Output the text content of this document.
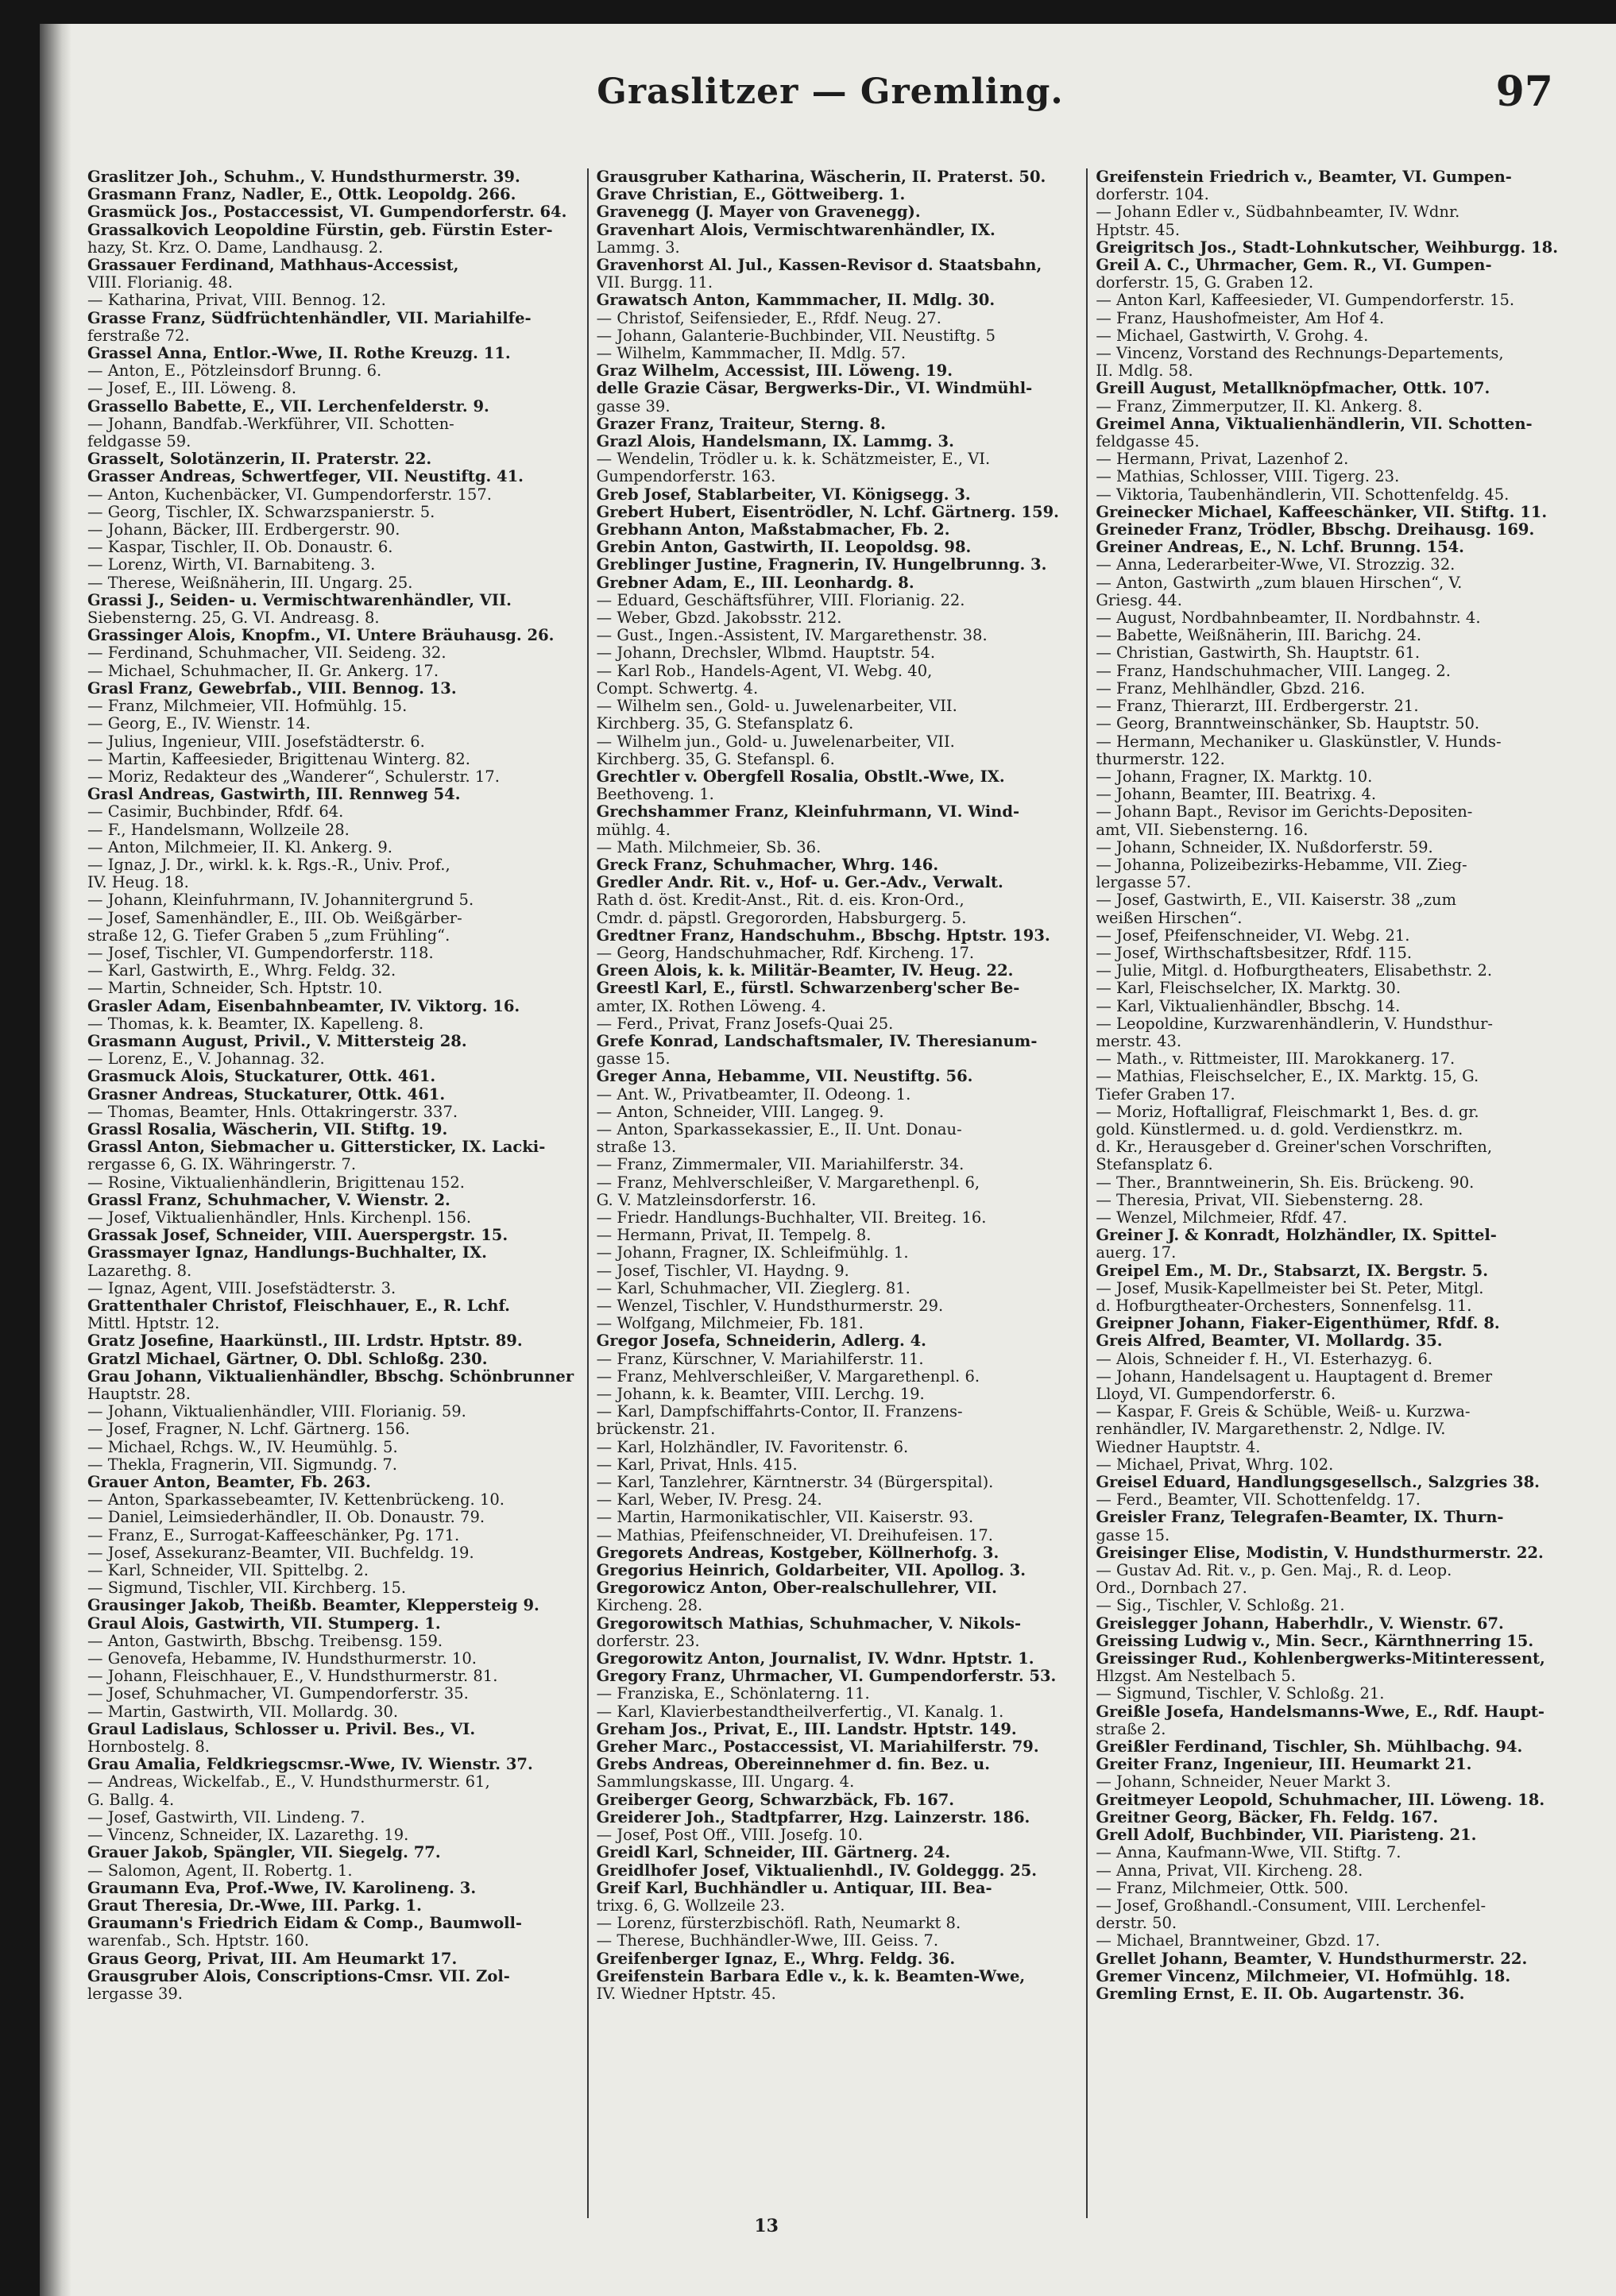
Graslitzer — Gremling.	97
Graslitzer Joh., Schuhm., V. Hundsthurmerstr. 39.
Grasmann Franz, Nadler, E., Ottk. Leopoldg. 266.
Grasmück Jos., Postaccessist, VI. Gumpendorferstr. 64.
Grassalkovich Leopoldine Fürstin, geb. Fürstin Ester-
hazy, St. Krz. O. Dame, Landhausg. 2.
Grassauer Ferdinand, Mathhaus-Accessist,
VIII. Florianig. 48.
— Katharina, Privat, VIII. Bennog. 12.
Grasse Franz, Südfrüchtenhändler, VII. Mariahilfe-
ferstraße 72.
Grassel Anna, Entlor.-Wwe, II. Rothe Kreuzg. 11.
— Anton, E., Pötzleinsdorf Brunng. 6.
— Josef, E., III. Löweng. 8.
Grassello Babette, E., VII. Lerchenfelderstr. 9.
— Johann, Bandfab.-Werkführer, VII. Schotten-
feldgasse 59.
Grasselt, Solotänzerin, II. Praterstr. 22.
Grasser Andreas, Schwertfeger, VII. Neustiftg. 41.
— Anton, Kuchenbäcker, VI. Gumpendorferstr. 157.
— Georg, Tischler, IX. Schwarzspanierstr. 5.
— Johann, Bäcker, III. Erdbergerstr. 90.
— Kaspar, Tischler, II. Ob. Donaustr. 6.
— Lorenz, Wirth, VI. Barnabiteng. 3.
— Therese, Weißnäherin, III. Ungarg. 25.
Grassi J., Seiden- u. Vermischtwarenhändler, VII.
Siebensterng. 25, G. VI. Andreasg. 8.
Grassinger Alois, Knopfm., VI. Untere Bräuhausg. 26.
— Ferdinand, Schuhmacher, VII. Seideng. 32.
— Michael, Schuhmacher, II. Gr. Ankerg. 17.
Grasl Franz, Gewebrfab., VIII. Bennog. 13.
— Franz, Milchmeier, VII. Hofmühlg. 15.
— Georg, E., IV. Wienstr. 14.
— Julius, Ingenieur, VIII. Josefstädterstr. 6.
— Martin, Kaffeesieder, Brigittenau Winterg. 82.
— Moriz, Redakteur des „Wanderer“, Schulerstr. 17.
Grasl Andreas, Gastwirth, III. Rennweg 54.
— Casimir, Buchbinder, Rfdf. 64.
— F., Handelsmann, Wollzeile 28.
— Anton, Milchmeier, II. Kl. Ankerg. 9.
— Ignaz, J. Dr., wirkl. k. k. Rgs.-R., Univ. Prof.,
IV. Heug. 18.
— Johann, Kleinfuhrmann, IV. Johannitergrund 5.
— Josef, Samenhändler, E., III. Ob. Weißgärber-
straße 12, G. Tiefer Graben 5 „zum Frühling“.
— Josef, Tischler, VI. Gumpendorferstr. 118.
— Karl, Gastwirth, E., Whrg. Feldg. 32.
— Martin, Schneider, Sch. Hptstr. 10.
Grasler Adam, Eisenbahnbeamter, IV. Viktorg. 16.
— Thomas, k. k. Beamter, IX. Kapelleng. 8.
Grasmann August, Privil., V. Mittersteig 28.
— Lorenz, E., V. Johannag. 32.
Grasmuck Alois, Stuckaturer, Ottk. 461.
Grasner Andreas, Stuckaturer, Ottk. 461.
— Thomas, Beamter, Hnls. Ottakringerstr. 337.
Grassl Rosalia, Wäscherin, VII. Stiftg. 19.
Grassl Anton, Siebmacher u. Gittersticker, IX. Lacki-
rergasse 6, G. IX. Währingerstr. 7.
— Rosine, Viktualienhändlerin, Brigittenau 152.
Grassl Franz, Schuhmacher, V. Wienstr. 2.
— Josef, Viktualienhändler, Hnls. Kirchenpl. 156.
Grassak Josef, Schneider, VIII. Auerspergstr. 15.
Grassmayer Ignaz, Handlungs-Buchhalter, IX.
Lazarethg. 8.
— Ignaz, Agent, VIII. Josefstädterstr. 3.
Grattenthaler Christof, Fleischhauer, E., R. Lchf.
Mittl. Hptstr. 12.
Gratz Josefine, Haarkünstl., III. Lrdstr. Hptstr. 89.
Gratzl Michael, Gärtner, O. Dbl. Schloßg. 230.
Grau Johann, Viktualienhändler, Bbschg. Schönbrunner
Hauptstr. 28.
— Johann, Viktualienhändler, VIII. Florianig. 59.
— Josef, Fragner, N. Lchf. Gärtnerg. 156.
— Michael, Rchgs. W., IV. Heumühlg. 5.
— Thekla, Fragnerin, VII. Sigmundg. 7.
Grauer Anton, Beamter, Fb. 263.
— Anton, Sparkassebeamter, IV. Kettenbrückeng. 10.
— Daniel, Leimsiederhändler, II. Ob. Donaustr. 79.
— Franz, E., Surrogat-Kaffeeschänker, Pg. 171.
— Josef, Assekuranz-Beamter, VII. Buchfeldg. 19.
— Karl, Schneider, VII. Spittelbg. 2.
— Sigmund, Tischler, VII. Kirchberg. 15.
Grausinger Jakob, Theißb. Beamter, Kleppersteig 9.
Graul Alois, Gastwirth, VII. Stumperg. 1.
— Anton, Gastwirth, Bbschg. Treibensg. 159.
— Genovefa, Hebamme, IV. Hundsthurmerstr. 10.
— Johann, Fleischhauer, E., V. Hundsthurmerstr. 81.
— Josef, Schuhmacher, VI. Gumpendorferstr. 35.
— Martin, Gastwirth, VII. Mollardg. 30.
Graul Ladislaus, Schlosser u. Privil. Bes., VI.
Hornbostelg. 8.
Grau Amalia, Feldkriegscmsr.-Wwe, IV. Wienstr. 37.
— Andreas, Wickelfab., E., V. Hundsthurmerstr. 61,
G. Ballg. 4.
— Josef, Gastwirth, VII. Lindeng. 7.
— Vincenz, Schneider, IX. Lazarethg. 19.
Grauer Jakob, Spängler, VII. Siegelg. 77.
— Salomon, Agent, II. Robertg. 1.
Graumann Eva, Prof.-Wwe, IV. Karolineng. 3.
Graut Theresia, Dr.-Wwe, III. Parkg. 1.
Graumann's Friedrich Eidam & Comp., Baumwoll-
warenfab., Sch. Hptstr. 160.
Graus Georg, Privat, III. Am Heumarkt 17.
Grausgruber Alois, Conscriptions-Cmsr. VII. Zol-
lergasse 39.
Grausgruber Katharina, Wäscherin, II. Praterst. 50.
Grave Christian, E., Göttweiberg. 1.
Gravenegg (J. Mayer von Gravenegg).
Gravenhart Alois, Vermischtwarenhändler, IX.
Lammg. 3.
Gravenhorst Al. Jul., Kassen-Revisor d. Staatsbahn,
VII. Burgg. 11.
Grawatsch Anton, Kammmacher, II. Mdlg. 30.
— Christof, Seifensieder, E., Rfdf. Neug. 27.
— Johann, Galanterie-Buchbinder, VII. Neustiftg. 5
— Wilhelm, Kammmacher, II. Mdlg. 57.
Graz Wilhelm, Accessist, III. Löweng. 19.
delle Grazie Cäsar, Bergwerks-Dir., VI. Windmühl-
gasse 39.
Grazer Franz, Traiteur, Sterng. 8.
Grazl Alois, Handelsmann, IX. Lammg. 3.
— Wendelin, Trödler u. k. k. Schätzmeister, E., VI.
Gumpendorferstr. 163.
Greb Josef, Stablarbeiter, VI. Königsegg. 3.
Grebert Hubert, Eisentrödler, N. Lchf. Gärtnerg. 159.
Grebhann Anton, Maßstabmacher, Fb. 2.
Grebin Anton, Gastwirth, II. Leopoldsg. 98.
Greblinger Justine, Fragnerin, IV. Hungelbrunng. 3.
Grebner Adam, E., III. Leonhardg. 8.
— Eduard, Geschäftsführer, VIII. Florianig. 22.
— Weber, Gbzd. Jakobsstr. 212.
— Gust., Ingen.-Assistent, IV. Margarethenstr. 38.
— Johann, Drechsler, Wlbmd. Hauptstr. 54.
— Karl Rob., Handels-Agent, VI. Webg. 40,
Compt. Schwertg. 4.
— Wilhelm sen., Gold- u. Juwelenarbeiter, VII.
Kirchberg. 35, G. Stefansplatz 6.
— Wilhelm jun., Gold- u. Juwelenarbeiter, VII.
Kirchberg. 35, G. Stefanspl. 6.
Grechtler v. Obergfell Rosalia, Obstlt.-Wwe, IX.
Beethoveng. 1.
Grechshammer Franz, Kleinfuhrmann, VI. Wind-
mühlg. 4.
— Math. Milchmeier, Sb. 36.
Greck Franz, Schuhmacher, Whrg. 146.
Gredler Andr. Rit. v., Hof- u. Ger.-Adv., Verwalt.
Rath d. öst. Kredit-Anst., Rit. d. eis. Kron-Ord.,
Cmdr. d. päpstl. Gregororden, Habsburgerg. 5.
Gredtner Franz, Handschuhm., Bbschg. Hptstr. 193.
— Georg, Handschuhmacher, Rdf. Kircheng. 17.
Green Alois, k. k. Militär-Beamter, IV. Heug. 22.
Greestl Karl, E., fürstl. Schwarzenberg'scher Be-
amter, IX. Rothen Löweng. 4.
— Ferd., Privat, Franz Josefs-Quai 25.
Grefe Konrad, Landschaftsmaler, IV. Theresianum-
gasse 15.
Greger Anna, Hebamme, VII. Neustiftg. 56.
— Ant. W., Privatbeamter, II. Odeong. 1.
— Anton, Schneider, VIII. Langeg. 9.
— Anton, Sparkassekassier, E., II. Unt. Donau-
straße 13.
— Franz, Zimmermaler, VII. Mariahilferstr. 34.
— Franz, Mehlverschleißer, V. Margarethenpl. 6,
G. V. Matzleinsdorferstr. 16.
— Friedr. Handlungs-Buchhalter, VII. Breiteg. 16.
— Hermann, Privat, II. Tempelg. 8.
— Johann, Fragner, IX. Schleifmühlg. 1.
— Josef, Tischler, VI. Haydng. 9.
— Karl, Schuhmacher, VII. Zieglerg. 81.
— Wenzel, Tischler, V. Hundsthurmerstr. 29.
— Wolfgang, Milchmeier, Fb. 181.
Gregor Josefa, Schneiderin, Adlerg. 4.
— Franz, Kürschner, V. Mariahilferstr. 11.
— Franz, Mehlverschleißer, V. Margarethenpl. 6.
— Johann, k. k. Beamter, VIII. Lerchg. 19.
— Karl, Dampfschiffahrts-Contor, II. Franzens-
brückenstr. 21.
— Karl, Holzhändler, IV. Favoritenstr. 6.
— Karl, Privat, Hnls. 415.
— Karl, Tanzlehrer, Kärntnerstr. 34 (Bürgerspital).
— Karl, Weber, IV. Presg. 24.
— Martin, Harmonikatischler, VII. Kaiserstr. 93.
— Mathias, Pfeifenschneider, VI. Dreihufeisen. 17.
Gregorets Andreas, Kostgeber, Köllnerhofg. 3.
Gregorius Heinrich, Goldarbeiter, VII. Apollog. 3.
Gregorowicz Anton, Ober-realschullehrer, VII.
Kircheng. 28.
Gregorowitsch Mathias, Schuhmacher, V. Nikols-
dorferstr. 23.
Gregorowitz Anton, Journalist, IV. Wdnr. Hptstr. 1.
Gregory Franz, Uhrmacher, VI. Gumpendorferstr. 53.
— Franziska, E., Schönlaterng. 11.
— Karl, Klavierbestandtheilverfertig., VI. Kanalg. 1.
Greham Jos., Privat, E., III. Landstr. Hptstr. 149.
Greher Marc., Postaccessist, VI. Mariahilferstr. 79.
Grebs Andreas, Obereinnehmer d. fin. Bez. u.
Sammlungskasse, III. Ungarg. 4.
Greiberger Georg, Schwarzbäck, Fb. 167.
Greiderer Joh., Stadtpfarrer, Hzg. Lainzerstr. 186.
— Josef, Post Off., VIII. Josefg. 10.
Greidl Karl, Schneider, III. Gärtnerg. 24.
Greidlhofer Josef, Viktualienhdl., IV. Goldeggg. 25.
Greif Karl, Buchhändler u. Antiquar, III. Bea-
trixg. 6, G. Wollzeile 23.
— Lorenz, fürsterzbischöfl. Rath, Neumarkt 8.
— Therese, Buchhändler-Wwe, III. Geiss. 7.
Greifenberger Ignaz, E., Whrg. Feldg. 36.
Greifenstein Barbara Edle v., k. k. Beamten-Wwe,
IV. Wiedner Hptstr. 45.
Greifenstein Friedrich v., Beamter, VI. Gumpen-
dorferstr. 104.
— Johann Edler v., Südbahnbeamter, IV. Wdnr.
Hptstr. 45.
Greigritsch Jos., Stadt-Lohnkutscher, Weihburgg. 18.
Greil A. C., Uhrmacher, Gem. R., VI. Gumpen-
dorferstr. 15, G. Graben 12.
— Anton Karl, Kaffeesieder, VI. Gumpendorferstr. 15.
— Franz, Haushofmeister, Am Hof 4.
— Michael, Gastwirth, V. Grohg. 4.
— Vincenz, Vorstand des Rechnungs-Departements,
II. Mdlg. 58.
Greill August, Metallknöpfmacher, Ottk. 107.
— Franz, Zimmerputzer, II. Kl. Ankerg. 8.
Greimel Anna, Viktualienhändlerin, VII. Schotten-
feldgasse 45.
— Hermann, Privat, Lazenhof 2.
— Mathias, Schlosser, VIII. Tigerg. 23.
— Viktoria, Taubenhändlerin, VII. Schottenfeldg. 45.
Greinecker Michael, Kaffeeschänker, VII. Stiftg. 11.
Greineder Franz, Trödler, Bbschg. Dreihausg. 169.
Greiner Andreas, E., N. Lchf. Brunng. 154.
— Anna, Lederarbeiter-Wwe, VI. Strozzig. 32.
— Anton, Gastwirth „zum blauen Hirschen“, V.
Griesg. 44.
— August, Nordbahnbeamter, II. Nordbahnstr. 4.
— Babette, Weißnäherin, III. Barichg. 24.
— Christian, Gastwirth, Sh. Hauptstr. 61.
— Franz, Handschuhmacher, VIII. Langeg. 2.
— Franz, Mehlhändler, Gbzd. 216.
— Franz, Thierarzt, III. Erdbergerstr. 21.
— Georg, Branntweinschänker, Sb. Hauptstr. 50.
— Hermann, Mechaniker u. Glaskünstler, V. Hunds-
thurmerstr. 122.
— Johann, Fragner, IX. Marktg. 10.
— Johann, Beamter, III. Beatrixg. 4.
— Johann Bapt., Revisor im Gerichts-Depositen-
amt, VII. Siebensterng. 16.
— Johann, Schneider, IX. Nußdorferstr. 59.
— Johanna, Polizeibezirks-Hebamme, VII. Zieg-
lergasse 57.
— Josef, Gastwirth, E., VII. Kaiserstr. 38 „zum
weißen Hirschen“.
— Josef, Pfeifenschneider, VI. Webg. 21.
— Josef, Wirthschaftsbesitzer, Rfdf. 115.
— Julie, Mitgl. d. Hofburgtheaters, Elisabethstr. 2.
— Karl, Fleischselcher, IX. Marktg. 30.
— Karl, Viktualienhändler, Bbschg. 14.
— Leopoldine, Kurzwarenhändlerin, V. Hundsthur-
merstr. 43.
— Math., v. Rittmeister, III. Marokkanerg. 17.
— Mathias, Fleischselcher, E., IX. Marktg. 15, G.
Tiefer Graben 17.
— Moriz, Hoftalligraf, Fleischmarkt 1, Bes. d. gr.
gold. Künstlermed. u. d. gold. Verdienstkrz. m.
d. Kr., Herausgeber d. Greiner'schen Vorschriften,
Stefansplatz 6.
— Ther., Branntweinerin, Sh. Eis. Brückeng. 90.
— Theresia, Privat, VII. Siebensterng. 28.
— Wenzel, Milchmeier, Rfdf. 47.
Greiner J. & Konradt, Holzhändler, IX. Spittel-
auerg. 17.
Greipel Em., M. Dr., Stabsarzt, IX. Bergstr. 5.
— Josef, Musik-Kapellmeister bei St. Peter, Mitgl.
d. Hofburgtheater-Orchesters, Sonnenfelsg. 11.
Greipner Johann, Fiaker-Eigenthümer, Rfdf. 8.
Greis Alfred, Beamter, VI. Mollardg. 35.
— Alois, Schneider f. H., VI. Esterhazyg. 6.
— Johann, Handelsagent u. Hauptagent d. Bremer
Lloyd, VI. Gumpendorferstr. 6.
— Kaspar, F. Greis & Schüble, Weiß- u. Kurzwa-
renhändler, IV. Margarethenstr. 2, Ndlge. IV.
Wiedner Hauptstr. 4.
— Michael, Privat, Whrg. 102.
Greisel Eduard, Handlungsgesellsch., Salzgries 38.
— Ferd., Beamter, VII. Schottenfeldg. 17.
Greisler Franz, Telegrafen-Beamter, IX. Thurn-
gasse 15.
Greisinger Elise, Modistin, V. Hundsthurmerstr. 22.
— Gustav Ad. Rit. v., p. Gen. Maj., R. d. Leop.
Ord., Dornbach 27.
— Sig., Tischler, V. Schloßg. 21.
Greislegger Johann, Haberhdlr., V. Wienstr. 67.
Greissing Ludwig v., Min. Secr., Kärnthnerring 15.
Greissinger Rud., Kohlenbergwerks-Mitinteressent,
Hlzgst. Am Nestelbach 5.
— Sigmund, Tischler, V. Schloßg. 21.
Greißle Josefa, Handelsmanns-Wwe, E., Rdf. Haupt-
straße 2.
Greißler Ferdinand, Tischler, Sh. Mühlbachg. 94.
Greiter Franz, Ingenieur, III. Heumarkt 21.
— Johann, Schneider, Neuer Markt 3.
Greitmeyer Leopold, Schuhmacher, III. Löweng. 18.
Greitner Georg, Bäcker, Fh. Feldg. 167.
Grell Adolf, Buchbinder, VII. Piaristeng. 21.
— Anna, Kaufmann-Wwe, VII. Stiftg. 7.
— Anna, Privat, VII. Kircheng. 28.
— Franz, Milchmeier, Ottk. 500.
— Josef, Großhandl.-Consument, VIII. Lerchenfel-
derstr. 50.
— Michael, Branntweiner, Gbzd. 17.
Grellet Johann, Beamter, V. Hundsthurmerstr. 22.
Gremer Vincenz, Milchmeier, VI. Hofmühlg. 18.
Gremling Ernst, E. II. Ob. Augartenstr. 36.
13
